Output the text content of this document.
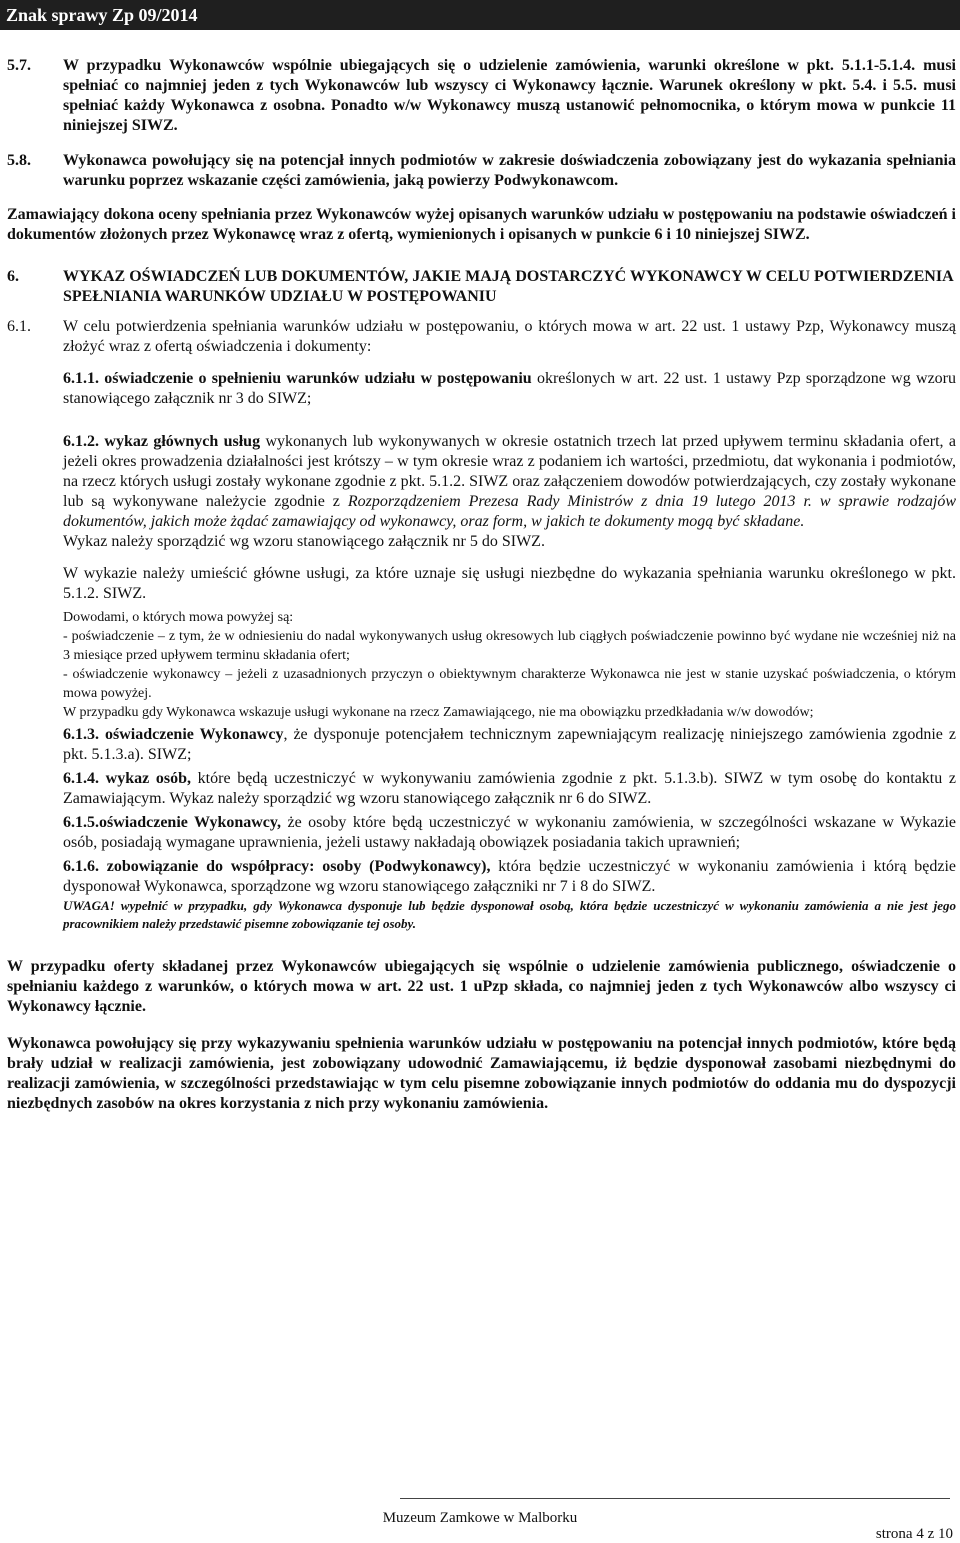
Znak sprawy Zp 09/2014
5.7.	W przypadku Wykonawców wspólnie ubiegających się o udzielenie zamówienia, warunki określone w pkt. 5.1.1-5.1.4. musi spełniać co najmniej jeden z tych Wykonawców lub wszyscy ci Wykonawcy łącznie. Warunek określony w pkt. 5.4. i 5.5. musi spełniać każdy Wykonawca z osobna. Ponadto w/w Wykonawcy muszą ustanowić pełnomocnika, o którym mowa w punkcie 11 niniejszej SIWZ.
5.8.	Wykonawca powołujący się na potencjał innych podmiotów w zakresie doświadczenia zobowiązany jest do wykazania spełniania warunku poprzez wskazanie części zamówienia, jaką powierzy Podwykonawcom.

Zamawiający dokona oceny spełniania przez Wykonawców wyżej opisanych warunków udziału w postępowaniu na podstawie oświadczeń i dokumentów złożonych przez Wykonawcę wraz z ofertą, wymienionych i opisanych w punkcie 6 i 10 niniejszej SIWZ.

6.	WYKAZ OŚWIADCZEŃ LUB DOKUMENTÓW, JAKIE MAJĄ DOSTARCZYĆ WYKONAWCY W CELU POTWIERDZENIA SPEŁNIANIA WARUNKÓW UDZIAŁU W POSTĘPOWANIU
6.1.	W celu potwierdzenia spełniania warunków udziału w postępowaniu, o których mowa w art. 22 ust. 1 ustawy Pzp, Wykonawcy muszą złożyć wraz z ofertą oświadczenia i dokumenty:

6.1.1. oświadczenie o spełnieniu warunków udziału w postępowaniu określonych w art. 22 ust. 1 ustawy Pzp sporządzone wg wzoru stanowiącego załącznik nr 3 do SIWZ;

6.1.2. wykaz głównych usług wykonanych lub wykonywanych w okresie ostatnich trzech lat przed upływem terminu składania ofert, a jeżeli okres prowadzenia działalności jest krótszy – w tym okresie wraz z podaniem ich wartości, przedmiotu, dat wykonania i podmiotów, na rzecz których usługi zostały wykonane zgodnie z pkt. 5.1.2. SIWZ oraz załączeniem dowodów potwierdzających, czy zostały wykonane lub są wykonywane należycie zgodnie z Rozporządzeniem Prezesa Rady Ministrów z dnia 19 lutego 2013 r. w sprawie rodzajów dokumentów, jakich może żądać zamawiający od wykonawcy, oraz form, w jakich te dokumenty mogą być składane.

Wykaz należy sporządzić wg wzoru stanowiącego załącznik nr 5 do SIWZ.

W wykazie należy umieścić główne usługi, za które uznaje się usługi niezbędne do wykazania spełniania warunku określonego w pkt. 5.1.2. SIWZ.

Dowodami, o których mowa powyżej są:

- poświadczenie – z tym, że w odniesieniu do nadal wykonywanych usług okresowych lub ciągłych poświadczenie powinno być wydane nie wcześniej niż na 3 miesiące przed upływem terminu składania ofert;

- oświadczenie wykonawcy – jeżeli z uzasadnionych przyczyn o obiektywnym charakterze Wykonawca nie jest w stanie uzyskać poświadczenia, o którym mowa powyżej.

W przypadku gdy Wykonawca wskazuje usługi wykonane na rzecz Zamawiającego, nie ma obowiązku przedkładania w/w dowodów;

6.1.3. oświadczenie Wykonawcy, że dysponuje potencjałem technicznym zapewniającym realizację niniejszego zamówienia zgodnie z pkt. 5.1.3.a). SIWZ;

6.1.4. wykaz osób, które będą uczestniczyć w wykonywaniu zamówienia zgodnie z pkt. 5.1.3.b). SIWZ w tym osobę do kontaktu z Zamawiającym. Wykaz należy sporządzić wg wzoru stanowiącego załącznik nr 6 do SIWZ.

6.1.5.oświadczenie Wykonawcy, że osoby które będą uczestniczyć w wykonaniu zamówienia, w szczególności wskazane w Wykazie osób, posiadają wymagane uprawnienia, jeżeli ustawy nakładają obowiązek posiadania takich uprawnień;

6.1.6. zobowiązanie do współpracy: osoby (Podwykonawcy), która będzie uczestniczyć w wykonaniu zamówienia i którą będzie dysponował Wykonawca, sporządzone wg wzoru stanowiącego załączniki nr 7 i 8 do SIWZ.

UWAGA! wypełnić w przypadku, gdy Wykonawca dysponuje lub będzie dysponował osobą, która będzie uczestniczyć w wykonaniu zamówienia a nie jest jego pracownikiem należy przedstawić pisemne zobowiązanie tej osoby.

W przypadku oferty składanej przez Wykonawców ubiegających się wspólnie o udzielenie zamówienia publicznego, oświadczenie o spełnianiu każdego z warunków, o których mowa w art. 22 ust. 1 uPzp składa, co najmniej jeden z tych Wykonawców albo wszyscy ci Wykonawcy łącznie.

Wykonawca powołujący się przy wykazywaniu spełnienia warunków udziału w postępowaniu na potencjał innych podmiotów, które będą brały udział w realizacji zamówienia, jest zobowiązany udowodnić Zamawiającemu, iż będzie dysponował zasobami niezbędnymi do realizacji zamówienia, w szczególności przedstawiając w tym celu pisemne zobowiązanie innych podmiotów do oddania mu do dyspozycji niezbędnych zasobów na okres korzystania z nich przy wykonaniu zamówienia.

Muzeum Zamkowe w Malborku
strona 4 z 10
